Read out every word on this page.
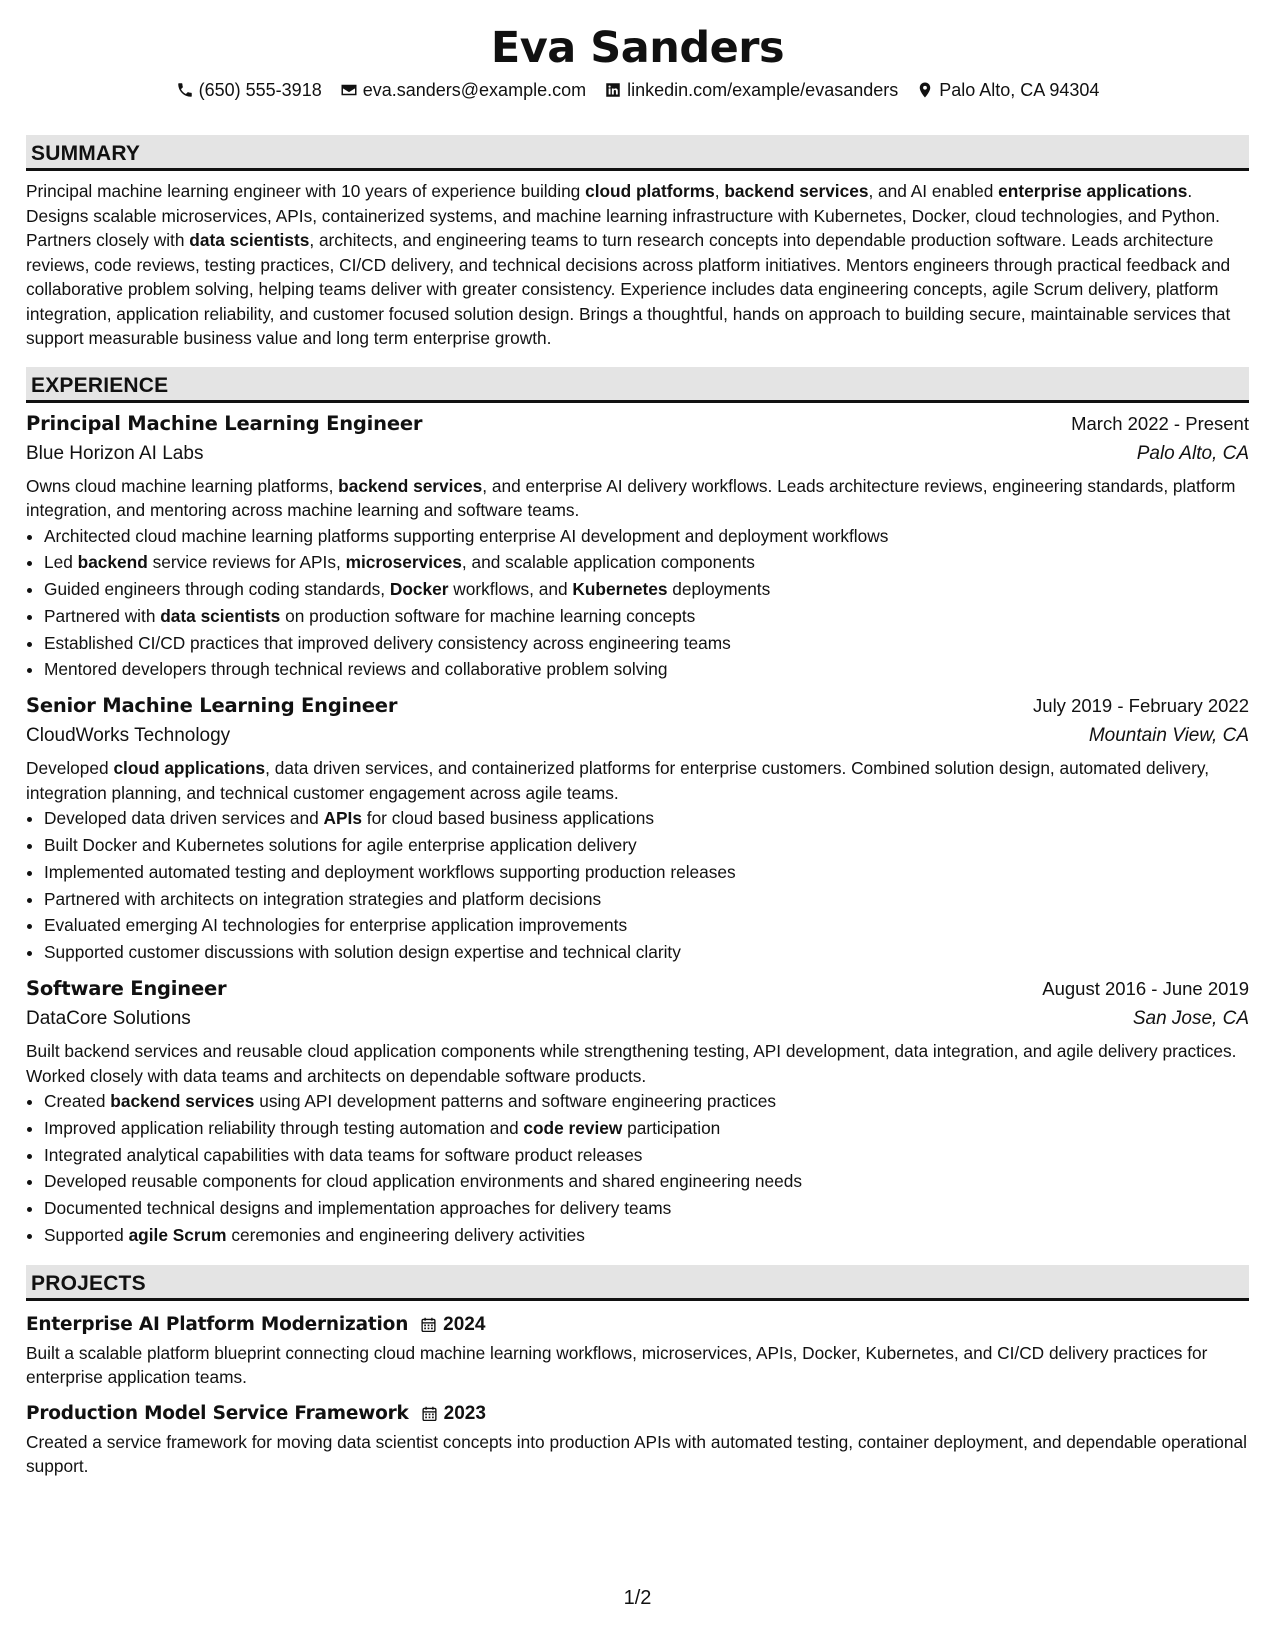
Eva Sanders
(650) 555-3918 eva.sanders@example.com linkedin.com/example/evasanders Palo Alto, CA 94304
SUMMARY

Principal machine learning engineer with 10 years of experience building cloud platforms, backend services, and AI enabled enterprise applications. Designs scalable microservices, APIs, containerized systems, and machine learning infrastructure with Kubernetes, Docker, cloud technologies, and Python. Partners closely with data scientists, architects, and engineering teams to turn research concepts into dependable production software. Leads architecture reviews, code reviews, testing practices, CI/CD delivery, and technical decisions across platform initiatives. Mentors engineers through practical feedback and collaborative problem solving, helping teams deliver with greater consistency. Experience includes data engineering concepts, agile Scrum delivery, platform integration, application reliability, and customer focused solution design. Brings a thoughtful, hands on approach to building secure, maintainable services that support measurable business value and long term enterprise growth.

EXPERIENCE
Principal Machine Learning Engineer	March 2022 - Present
Blue Horizon AI Labs	Palo Alto, CA

Owns cloud machine learning platforms, backend services, and enterprise AI delivery workflows. Leads architecture reviews, engineering standards, platform integration, and mentoring across machine learning and software teams.

• Architected cloud machine learning platforms supporting enterprise AI development and deployment workflows
• Led backend service reviews for APIs, microservices, and scalable application components
• Guided engineers through coding standards, Docker workflows, and Kubernetes deployments
• Partnered with data scientists on production software for machine learning concepts
• Established CI/CD practices that improved delivery consistency across engineering teams
• Mentored developers through technical reviews and collaborative problem solving
Senior Machine Learning Engineer	July 2019 - February 2022
CloudWorks Technology	Mountain View, CA

Developed cloud applications, data driven services, and containerized platforms for enterprise customers. Combined solution design, automated delivery, integration planning, and technical customer engagement across agile teams.

• Developed data driven services and APIs for cloud based business applications
• Built Docker and Kubernetes solutions for agile enterprise application delivery
• Implemented automated testing and deployment workflows supporting production releases
• Partnered with architects on integration strategies and platform decisions
• Evaluated emerging AI technologies for enterprise application improvements
• Supported customer discussions with solution design expertise and technical clarity
Software Engineer	August 2016 - June 2019
DataCore Solutions	San Jose, CA

Built backend services and reusable cloud application components while strengthening testing, API development, data integration, and agile delivery practices. Worked closely with data teams and architects on dependable software products.

• Created backend services using API development patterns and software engineering practices
• Improved application reliability through testing automation and code review participation
• Integrated analytical capabilities with data teams for software product releases
• Developed reusable components for cloud application environments and shared engineering needs
• Documented technical designs and implementation approaches for delivery teams
• Supported agile Scrum ceremonies and engineering delivery activities
PROJECTS
Enterprise AI Platform Modernization 2024

Built a scalable platform blueprint connecting cloud machine learning workflows, microservices, APIs, Docker, Kubernetes, and CI/CD delivery practices for enterprise application teams.

Production Model Service Framework 2023

Created a service framework for moving data scientist concepts into production APIs with automated testing, container deployment, and dependable operational support.

1/2
